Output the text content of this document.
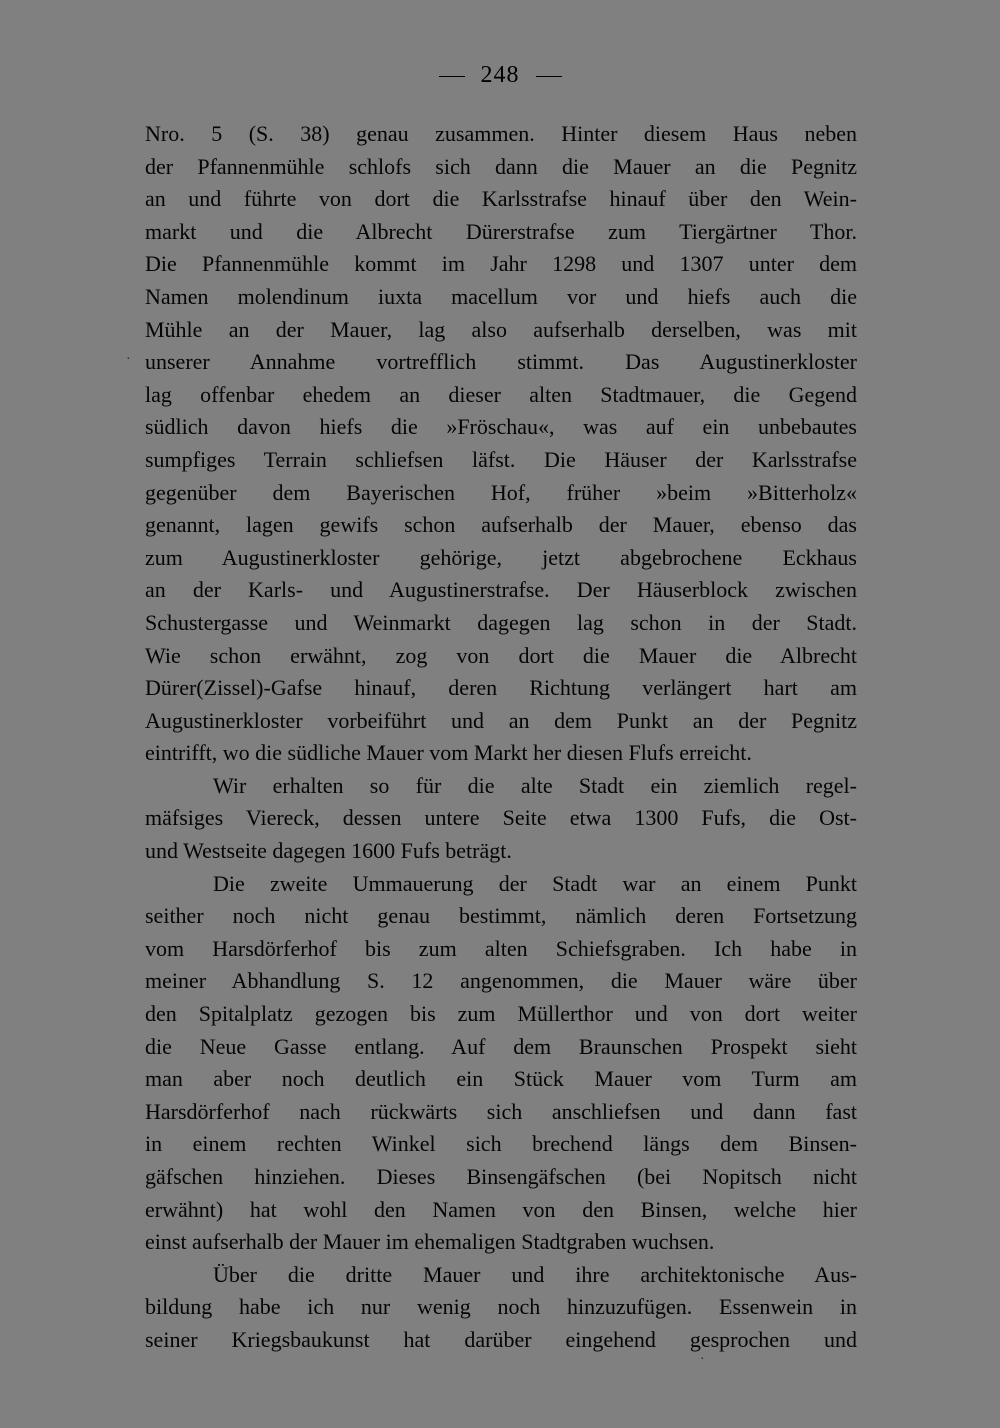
248
Nro. 5 (S. 38) genau zusammen. Hinter diesem Haus neben
der Pfannenmühle schlofs sich dann die Mauer an die Pegnitz
an und führte von dort die Karlsstrafse hinauf über den Wein-
markt und die Albrecht Dürerstrafse zum Tiergärtner Thor.
Die Pfannenmühle kommt im Jahr 1298 und 1307 unter dem
Namen molendinum iuxta macellum vor und hiefs auch die
Mühle an der Mauer, lag also aufserhalb derselben, was mit
unserer Annahme vortrefflich stimmt. Das Augustinerkloster
lag offenbar ehedem an dieser alten Stadtmauer, die Gegend
südlich davon hiefs die »Fröschau«, was auf ein unbebautes
sumpfiges Terrain schliefsen läfst. Die Häuser der Karlsstrafse
gegenüber dem Bayerischen Hof, früher »beim »Bitterholz«
genannt, lagen gewifs schon aufserhalb der Mauer, ebenso das
zum Augustinerkloster gehörige, jetzt abgebrochene Eckhaus
an der Karls- und Augustinerstrafse. Der Häuserblock zwischen
Schustergasse und Weinmarkt dagegen lag schon in der Stadt.
Wie schon erwähnt, zog von dort die Mauer die Albrecht
Dürer(Zissel)-Gafse hinauf, deren Richtung verlängert hart am
Augustinerkloster vorbeiführt und an dem Punkt an der Pegnitz
eintrifft, wo die südliche Mauer vom Markt her diesen Flufs erreicht.
Wir erhalten so für die alte Stadt ein ziemlich regel-
mäfsiges Viereck, dessen untere Seite etwa 1300 Fufs, die Ost-
und Westseite dagegen 1600 Fufs beträgt.
Die zweite Ummauerung der Stadt war an einem Punkt
seither noch nicht genau bestimmt, nämlich deren Fortsetzung
vom Harsdörferhof bis zum alten Schiefsgraben. Ich habe in
meiner Abhandlung S. 12 angenommen, die Mauer wäre über
den Spitalplatz gezogen bis zum Müllerthor und von dort weiter
die Neue Gasse entlang. Auf dem Braunschen Prospekt sieht
man aber noch deutlich ein Stück Mauer vom Turm am
Harsdörferhof nach rückwärts sich anschliefsen und dann fast
in einem rechten Winkel sich brechend längs dem Binsen-
gäfschen hinziehen. Dieses Binsengäfschen (bei Nopitsch nicht
erwähnt) hat wohl den Namen von den Binsen, welche hier
einst aufserhalb der Mauer im ehemaligen Stadtgraben wuchsen.
Über die dritte Mauer und ihre architektonische Aus-
bildung habe ich nur wenig noch hinzuzufügen. Essenwein in
seiner Kriegsbaukunst hat darüber eingehend gesprochen und
·
·
